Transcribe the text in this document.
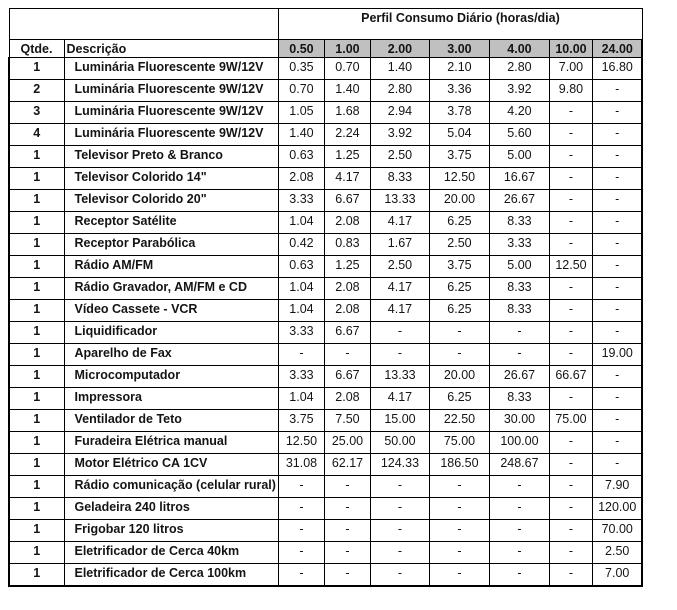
		Perfil Consumo Diário (horas/dia)						
Qtde.	Descrição	0.50	1.00	2.00	3.00	4.00	10.00	24.00
1	Luminária Fluorescente 9W/12V	0.35	0.70	1.40	2.10	2.80	7.00	16.80
2	Luminária Fluorescente 9W/12V	0.70	1.40	2.80	3.36	3.92	9.80	-
3	Luminária Fluorescente 9W/12V	1.05	1.68	2.94	3.78	4.20	-	-
4	Luminária Fluorescente 9W/12V	1.40	2.24	3.92	5.04	5.60	-	-
1	Televisor Preto & Branco	0.63	1.25	2.50	3.75	5.00	-	-
1	Televisor Colorido 14"	2.08	4.17	8.33	12.50	16.67	-	-
1	Televisor Colorido 20"	3.33	6.67	13.33	20.00	26.67	-	-
1	Receptor Satélite	1.04	2.08	4.17	6.25	8.33	-	-
1	Receptor Parabólica	0.42	0.83	1.67	2.50	3.33	-	-
1	Rádio AM/FM	0.63	1.25	2.50	3.75	5.00	12.50	-
1	Rádio Gravador, AM/FM e CD	1.04	2.08	4.17	6.25	8.33	-	-
1	Vídeo Cassete - VCR	1.04	2.08	4.17	6.25	8.33	-	-
1	Liquidificador	3.33	6.67	-	-	-	-	-
1	Aparelho de Fax	-	-	-	-	-	-	19.00
1	Microcomputador	3.33	6.67	13.33	20.00	26.67	66.67	-
1	Impressora	1.04	2.08	4.17	6.25	8.33	-	-
1	Ventilador de Teto	3.75	7.50	15.00	22.50	30.00	75.00	-
1	Furadeira Elétrica manual	12.50	25.00	50.00	75.00	100.00	-	-
1	Motor Elétrico CA 1CV	31.08	62.17	124.33	186.50	248.67	-	-
1	Rádio comunicação (celular rural)	-	-	-	-	-	-	7.90
1	Geladeira 240 litros	-	-	-	-	-	-	120.00
1	Frigobar 120 litros	-	-	-	-	-	-	70.00
1	Eletrificador de Cerca 40km	-	-	-	-	-	-	2.50
1	Eletrificador de Cerca 100km	-	-	-	-	-	-	7.00
